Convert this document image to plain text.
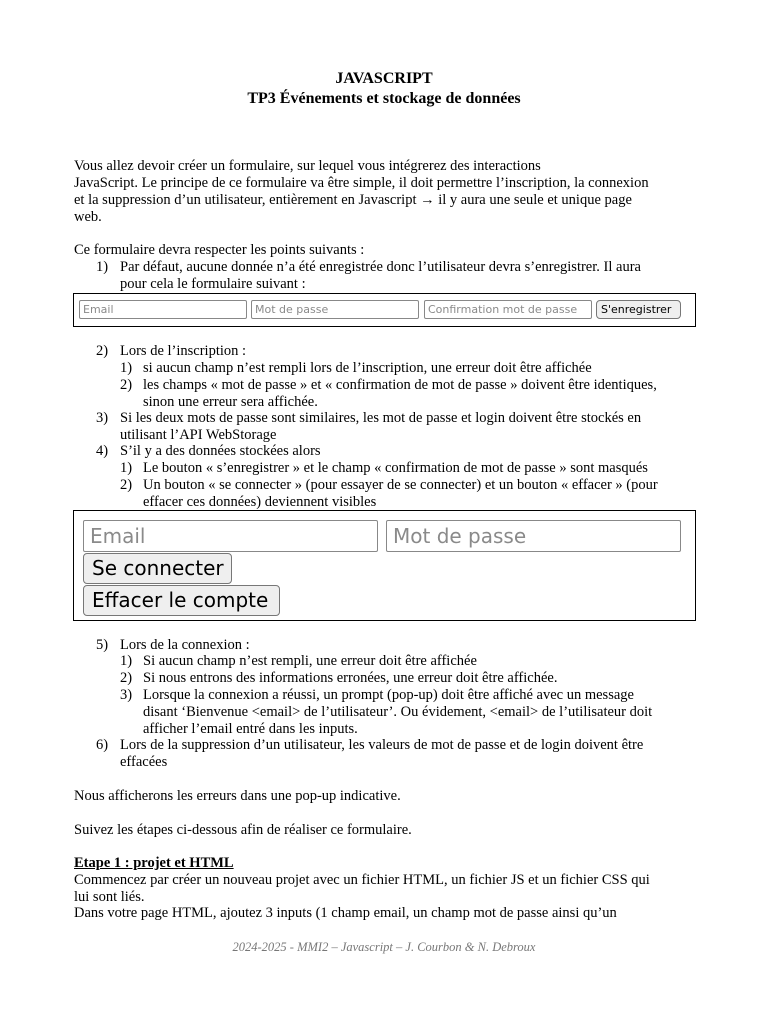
JAVASCRIPT
TP3 Événements et stockage de données
Vous allez devoir créer un formulaire, sur lequel vous intégrerez des interactions
JavaScript. Le principe de ce formulaire va être simple, il doit permettre l’inscription, la connexion
et la suppression d’un utilisateur, entièrement en Javascript → il y aura une seule et unique page
web.
Ce formulaire devra respecter les points suivants :
1) Par défaut, aucune donnée n’a été enregistrée donc l’utilisateur devra s’enregistrer. Il aura
pour cela le formulaire suivant :
Email	Mot de passe	Confirmation mot de passe	S'enregistrer
2) Lors de l’inscription :
1) si aucun champ n’est rempli lors de l’inscription, une erreur doit être affichée
2) les champs « mot de passe » et « confirmation de mot de passe » doivent être identiques,
sinon une erreur sera affichée.
3) Si les deux mots de passe sont similaires, les mot de passe et login doivent être stockés en
utilisant l’API WebStorage
4) S’il y a des données stockées alors
1) Le bouton « s’enregistrer » et le champ « confirmation de mot de passe » sont masqués
2) Un bouton « se connecter » (pour essayer de se connecter) et un bouton « effacer » (pour
effacer ces données) deviennent visibles
Email	Mot de passe
Se connecter
Effacer le compte
5) Lors de la connexion :
1) Si aucun champ n’est rempli, une erreur doit être affichée
2) Si nous entrons des informations erronées, une erreur doit être affichée.
3) Lorsque la connexion a réussi, un prompt (pop-up) doit être affiché avec un message
disant ‘Bienvenue <email> de l’utilisateur’. Ou évidement, <email> de l’utilisateur doit
afficher l’email entré dans les inputs.
6) Lors de la suppression d’un utilisateur, les valeurs de mot de passe et de login doivent être
effacées
Nous afficherons les erreurs dans une pop-up indicative.
Suivez les étapes ci-dessous afin de réaliser ce formulaire.
Etape 1 : projet et HTML
Commencez par créer un nouveau projet avec un fichier HTML, un fichier JS et un fichier CSS qui
lui sont liés.
Dans votre page HTML, ajoutez 3 inputs (1 champ email, un champ mot de passe ainsi qu’un
2024-2025 - MMI2 – Javascript – J. Courbon & N. Debroux
